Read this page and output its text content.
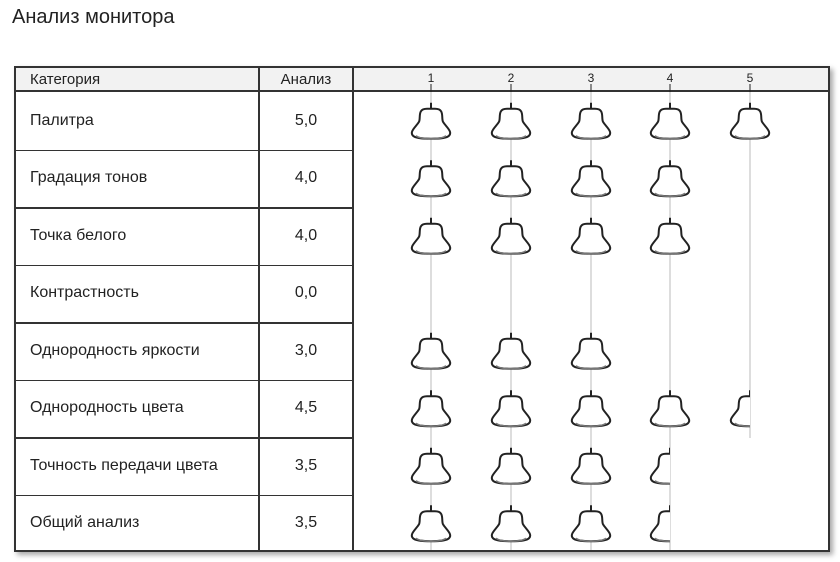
Анализ монитора
Категория	Анализ
Палитра	5,0
Градация тонов	4,0
Точка белого	4,0
Контрастность	0,0
Однородность яркости	3,0
Однородность цвета	4,5
Точность передачи цвета	3,5
Общий анализ	3,5
1	2	3	4	5
